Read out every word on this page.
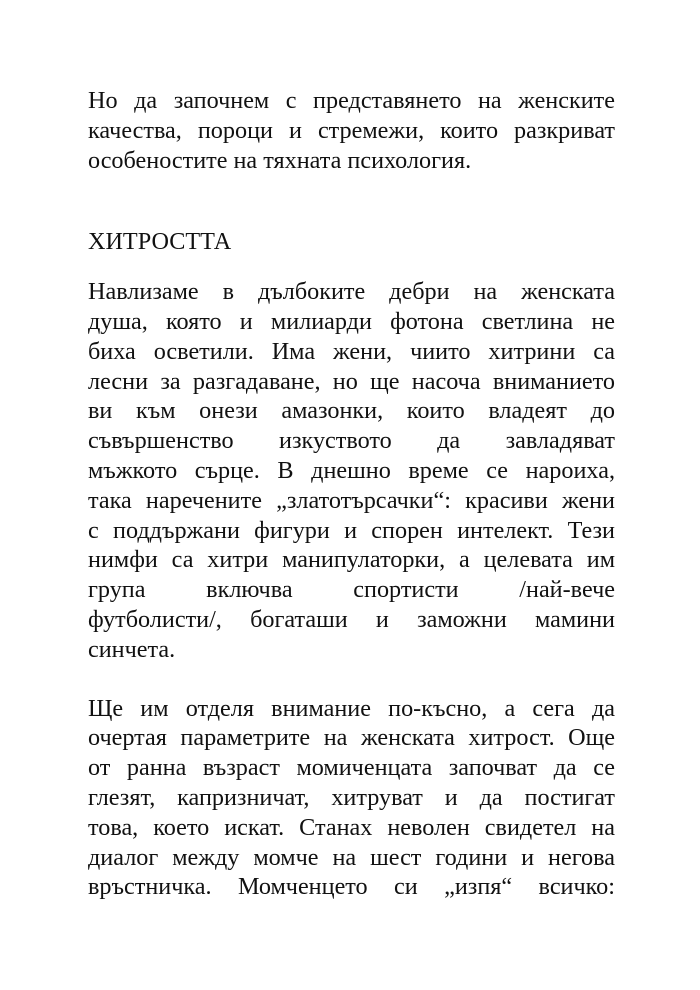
Но да започнем с представянето на женските
качества, пороци и стремежи, които разкриват
особеностите на тяхната психология.

ХИТРОСТТА

Навлизаме в дълбоките дебри на женската
душа, която и милиарди фотона светлина не
биха осветили. Има жени, чиито хитрини са
лесни за разгадаване, но ще насоча вниманието
ви към онези амазонки, които владеят до
съвършенство изкуството да завладяват
мъжкото сърце. В днешно време се нароиха,
така наречените „златотърсачки“: красиви жени
с поддържани фигури и спорен интелект. Тези
нимфи са хитри манипулаторки, а целевата им
група включва спортисти /най-вече
футболисти/, богаташи и заможни мамини
синчета.

Ще им отделя внимание по-късно, а сега да
очертая параметрите на женската хитрост. Още
от ранна възраст момиченцата започват да се
глезят, капризничат, хитруват и да постигат
това, което искат. Станах неволен свидетел на
диалог между момче на шест години и негова
връстничка. Момченцето си „изпя“ всичко:
